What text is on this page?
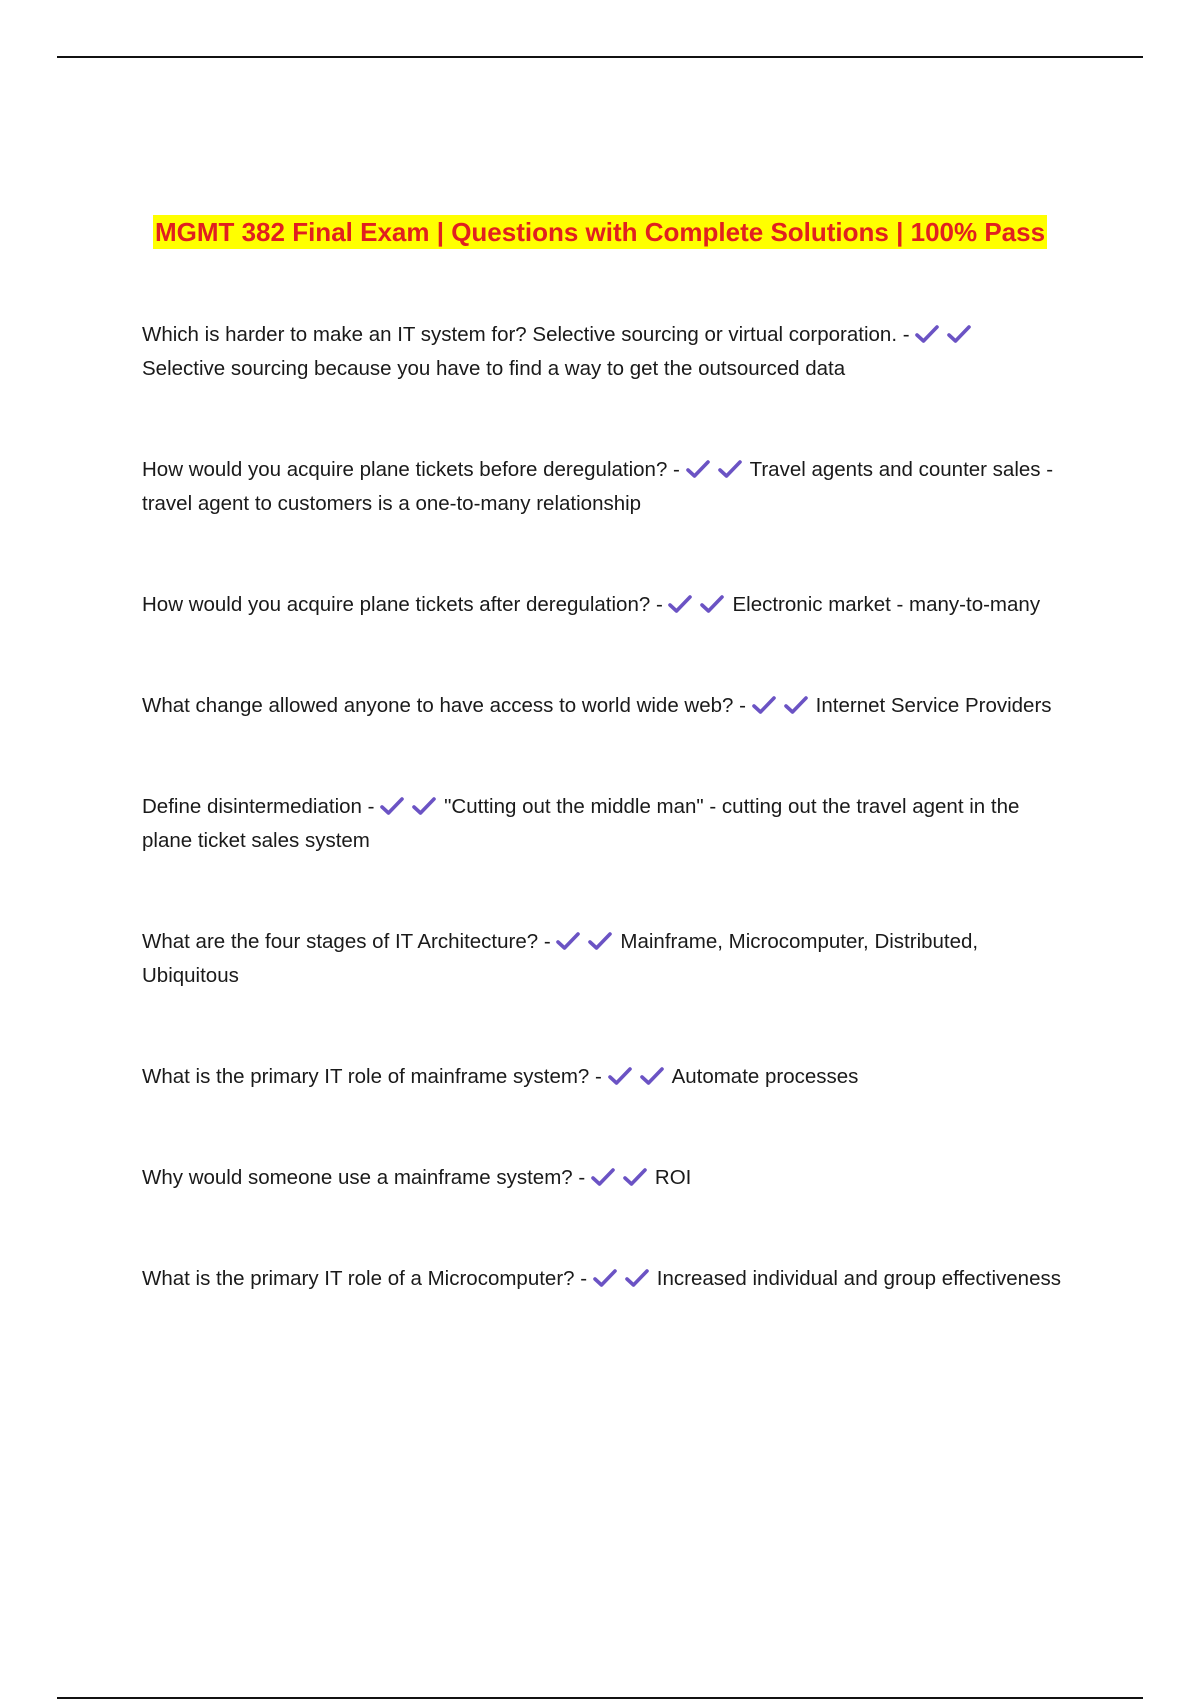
MGMT 382 Final Exam | Questions with Complete Solutions | 100% Pass

Which is harder to make an IT system for? Selective sourcing or virtual corporation. -
Selective sourcing because you have to find a way to get the outsourced data

How would you acquire plane tickets before deregulation? -	Travel agents and counter sales - travel agent to customers is a one-to-many relationship

How would you acquire plane tickets after deregulation? -	Electronic market - many-to-many

What change allowed anyone to have access to world wide web? -	Internet Service Providers

Define disintermediation -	"Cutting out the middle man" - cutting out the travel agent in the plane ticket sales system

What are the four stages of IT Architecture? -	Mainframe, Microcomputer, Distributed, Ubiquitous

What is the primary IT role of mainframe system? -	Automate processes

Why would someone use a mainframe system? -	ROI

What is the primary IT role of a Microcomputer? -	Increased individual and group effectiveness
